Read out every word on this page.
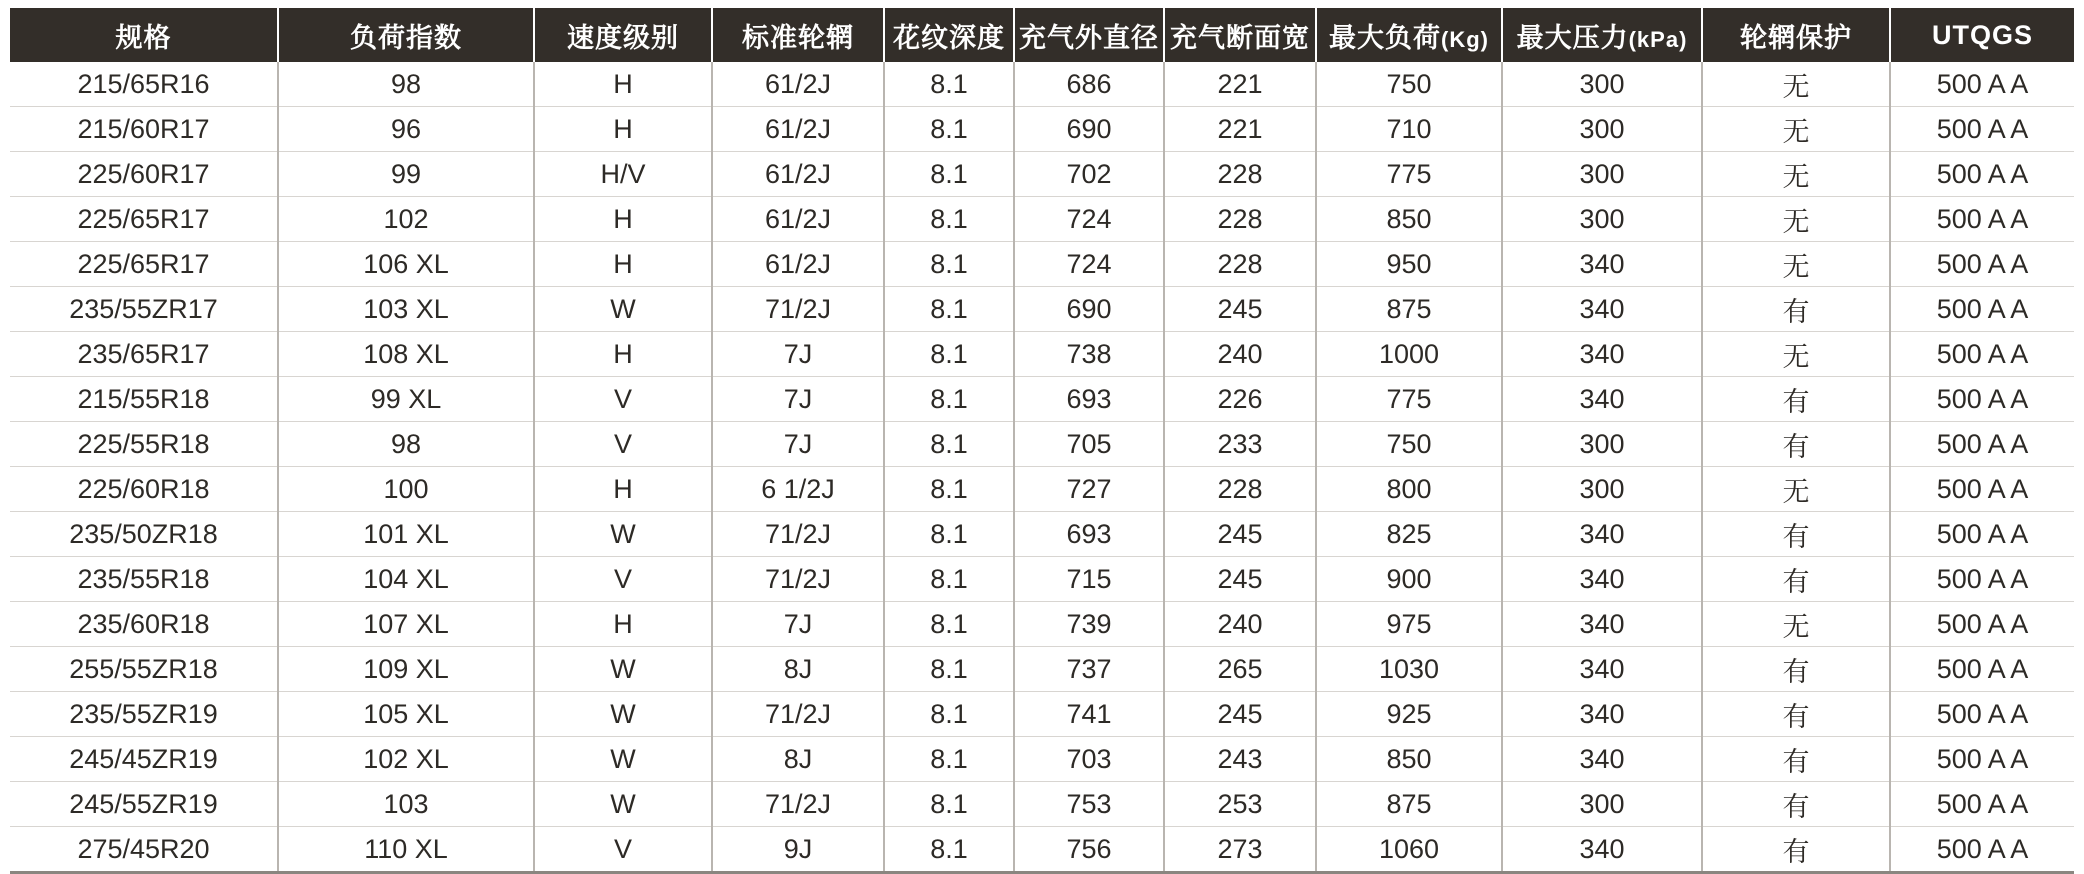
规格	负荷指数	速度级别	标准轮辋	花纹深度	充气外直径	充气断面宽	最大负荷(Kg)	最大压力(kPa)	轮辋保护	UTQGS
215/65R16	98	H	61/2J	8.1	686	221	750	300	无	500 A A
215/60R17	96	H	61/2J	8.1	690	221	710	300	无	500 A A
225/60R17	99	H/V	61/2J	8.1	702	228	775	300	无	500 A A
225/65R17	102	H	61/2J	8.1	724	228	850	300	无	500 A A
225/65R17	106 XL	H	61/2J	8.1	724	228	950	340	无	500 A A
235/55ZR17	103 XL	W	71/2J	8.1	690	245	875	340	有	500 A A
235/65R17	108 XL	H	7J	8.1	738	240	1000	340	无	500 A A
215/55R18	99 XL	V	7J	8.1	693	226	775	340	有	500 A A
225/55R18	98	V	7J	8.1	705	233	750	300	有	500 A A
225/60R18	100	H	6 1/2J	8.1	727	228	800	300	无	500 A A
235/50ZR18	101 XL	W	71/2J	8.1	693	245	825	340	有	500 A A
235/55R18	104 XL	V	71/2J	8.1	715	245	900	340	有	500 A A
235/60R18	107 XL	H	7J	8.1	739	240	975	340	无	500 A A
255/55ZR18	109 XL	W	8J	8.1	737	265	1030	340	有	500 A A
235/55ZR19	105 XL	W	71/2J	8.1	741	245	925	340	有	500 A A
245/45ZR19	102 XL	W	8J	8.1	703	243	850	340	有	500 A A
245/55ZR19	103	W	71/2J	8.1	753	253	875	300	有	500 A A
275/45R20	110 XL	V	9J	8.1	756	273	1060	340	有	500 A A
